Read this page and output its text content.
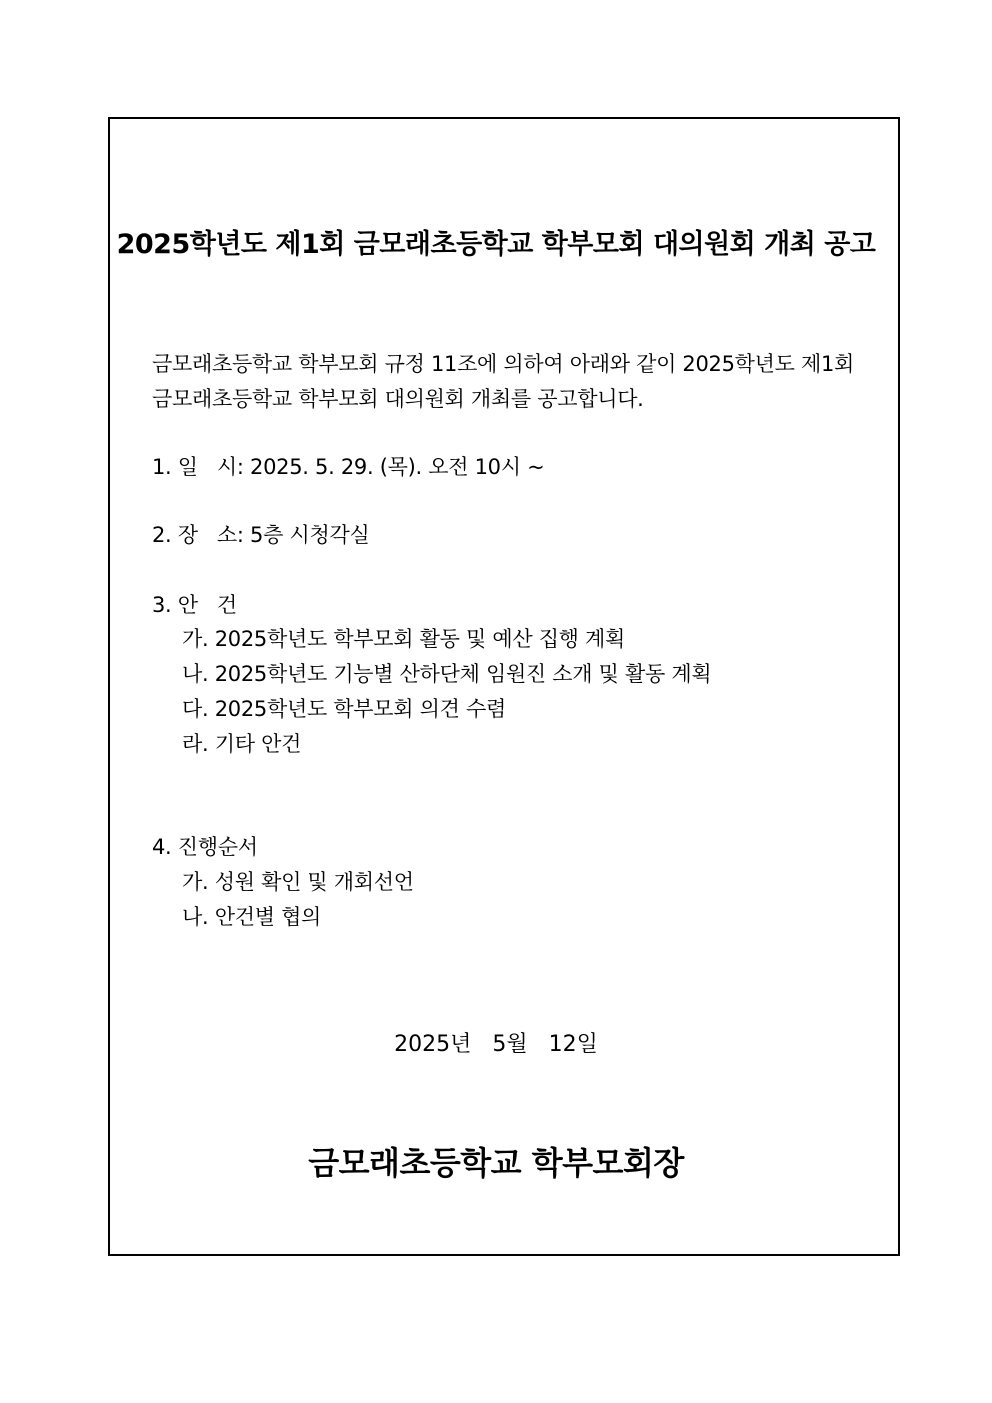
2025학년도 제1회 금모래초등학교 학부모회 대의원회 개최 공고
금모래초등학교 학부모회 규정 11조에 의하여 아래와 같이 2025학년도 제1회
금모래초등학교 학부모회 대의원회 개최를 공고합니다.
1. 일   시: 2025. 5. 29. (목). 오전 10시 ~
2. 장   소: 5층 시청각실
3. 안   건
가. 2025학년도 학부모회 활동 및 예산 집행 계획
나. 2025학년도 기능별 산하단체 임원진 소개 및 활동 계획
다. 2025학년도 학부모회 의견 수렴
라. 기타 안건
4. 진행순서
가. 성원 확인 및 개회선언
나. 안건별 협의
2025년   5월   12일
금모래초등학교 학부모회장
